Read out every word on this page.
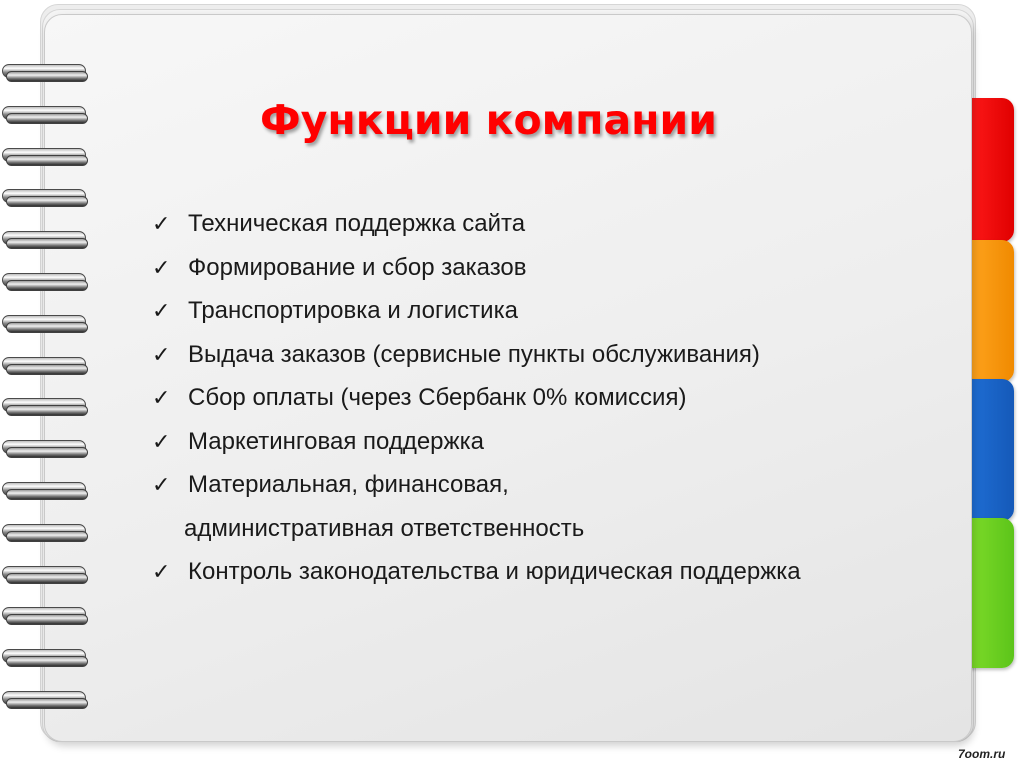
Функции компании
✓ Техническая поддержка сайта
✓ Формирование и сбор заказов
✓ Транспортировка и логистика
✓ Выдача заказов (сервисные пункты обслуживания)
✓ Сбор оплаты (через Сбербанк 0% комиссия)
✓ Маркетинговая поддержка
✓ Материальная, финансовая,
административная ответственность
✓ Контроль законодательства и юридическая поддержка
7oom.ru
